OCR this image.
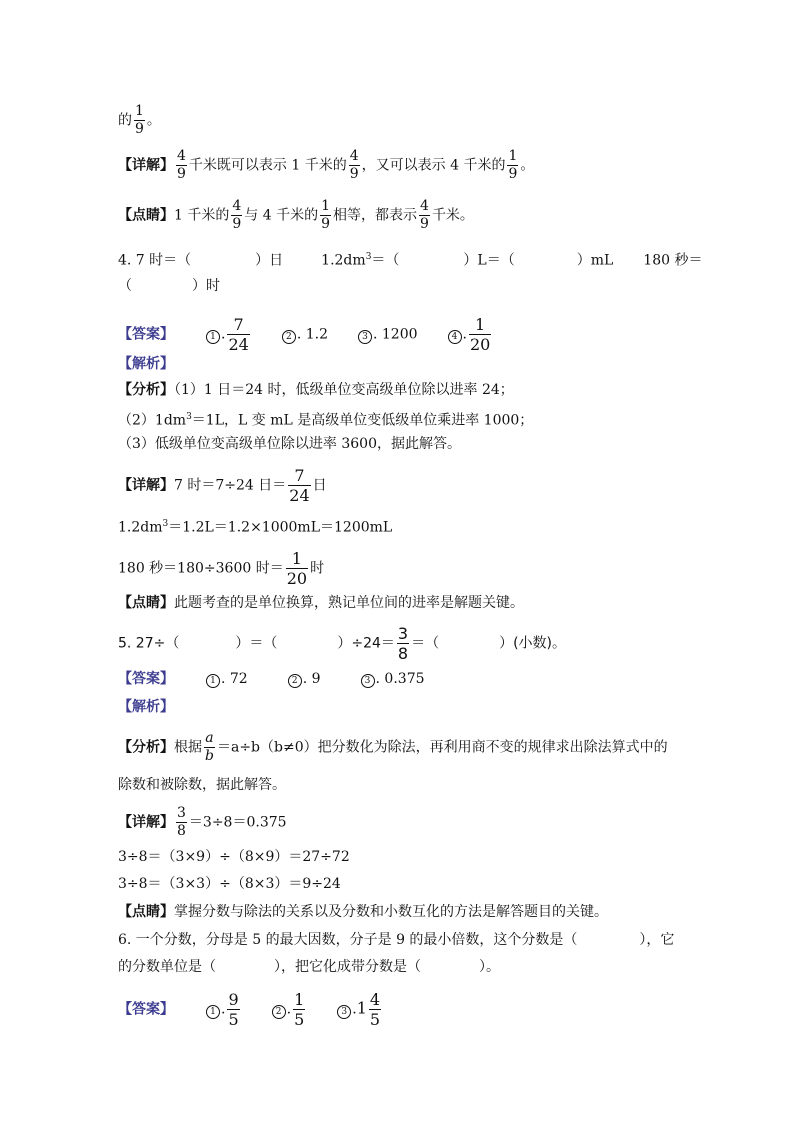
的 $\frac{1}{9}$ 。
【详解】 $\frac{4}{9}$ 千米既可以表示 1 千米的 $\frac{4}{9}$ ，又可以表示 4 千米的 $\frac{1}{9}$ 。
【点睛】1 千米的 $\frac{4}{9}$ 与 4 千米的 $\frac{1}{9}$ 相等，都表示 $\frac{4}{9}$ 千米。
4. 7 时＝（	）日	$1.2dm^3=$（	）L＝（	）mL 180 秒＝
（	）时
【答案】	1 . $\frac{7}{24}$	2 . 1.2	3 . 1200	4 . $\frac{1}{20}$
【解析】
【分析】（1）1 日＝24 时，低级单位变高级单位除以进率 24；
$(2)1dm^3=1L$，L 变 mL 是高级单位变低级单位乘进率 1000；
（3）低级单位变高级单位除以进率 3600，据此解答。
【详解】7 时＝7÷24 日＝ $\frac{7}{24}$ 日
$1.2dm^3=1.2L=1.2\times 1000mL=1200mL$
180 秒＝180÷3600 时＝ $\frac{1}{20}$ 时
【点睛】此题考查的是单位换算，熟记单位间的进率是解题关键。
5. 27÷（	）＝（	）$\div 24= \frac{3}{8}$ ＝（	）(小数)。
【答案】	1 . 72	2 . 9	3 . 0.375
【解析】
【分析】根据 $\frac{a}{b} =a\div b(b\ne 0)$把分数化为除法，再利用商不变的规律求出除法算式中的
除数和被除数，据此解答。
【详解】 $\frac{3}{8} =3\div 8=0.375$
3÷8＝（3×9）÷（8×9）＝27÷72
3÷8＝（3×3）÷（8×3）＝9÷24
【点睛】掌握分数与除法的关系以及分数和小数互化的方法是解答题目的关键。
6. 一个分数，分母是 5 的最大因数，分子是 9 的最小倍数，这个分数是（	），它
的分数单位是（	），把它化成带分数是（	）。
【答案】	1 . $\frac{9}{5}$	2 . $\frac{1}{5}$	3 $.1 \frac{4}{5}$
